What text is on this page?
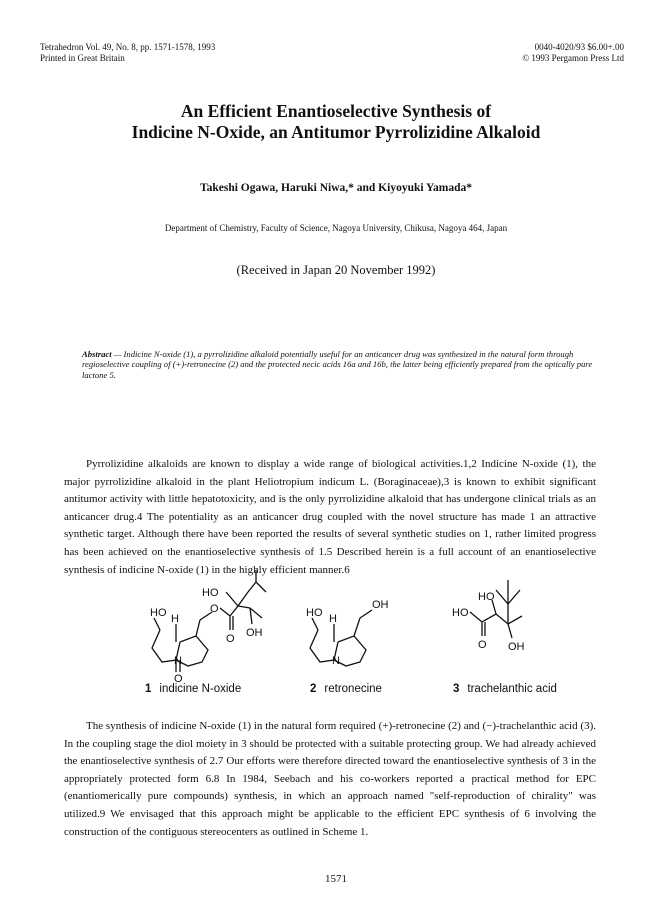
Tetrahedron Vol. 49, No. 8, pp. 1571-1578, 1993
Printed in Great Britain
0040-4020/93 $6.00+.00
© 1993 Pergamon Press Ltd
An Efficient Enantioselective Synthesis of
Indicine N-Oxide, an Antitumor Pyrrolizidine Alkaloid
Takeshi Ogawa, Haruki Niwa,* and Kiyoyuki Yamada*
Department of Chemistry, Faculty of Science, Nagoya University, Chikusa, Nagoya 464, Japan
(Received in Japan 20 November 1992)
Abstract — Indicine N-oxide (1), a pyrrolizidine alkaloid potentially useful for an anticancer drug was synthesized in the natural form through regioselective coupling of (+)-retronecine (2) and the protected necic acids 16a and 16b, the latter being efficiently prepared from the optically pure lactone 5.
Pyrrolizidine alkaloids are known to display a wide range of biological activities.1,2 Indicine N-oxide (1), the major pyrrolizidine alkaloid in the plant Heliotropium indicum L. (Boraginaceae),3 is known to exhibit significant antitumor activity with little hepatotoxicity, and is the only pyrrolizidine alkaloid that has undergone clinical trials as an anticancer drug.4 The potentiality as an anticancer drug coupled with the novel structure has made 1 an attractive synthetic target. Although there have been reported the results of several synthetic studies on 1, rather limited progress has been achieved on the enantioselective synthesis of 1.5 Described herein is a full account of an enantioselective synthesis of indicine N-oxide (1) in the highly efficient manner.6
HO H
O
O
HO
OH
N
O
HO H
OH
N
HO
HO
O OH
1 indicine N-oxide	2 retronecine	3 trachelanthic acid
The synthesis of indicine N-oxide (1) in the natural form required (+)-retronecine (2) and (−)-trachelanthic acid (3). In the coupling stage the diol moiety in 3 should be protected with a suitable protecting group. We had already achieved the enantioselective synthesis of 2.7 Our efforts were therefore directed toward the enantioselective synthesis of 3 in the appropriately protected form 6.8 In 1984, Seebach and his co-workers reported a practical method for EPC (enantiomerically pure compounds) synthesis, in which an approach named "self-reproduction of chirality" was utilized.9 We envisaged that this approach might be applicable to the efficient EPC synthesis of 6 involving the construction of the contiguous stereocenters as outlined in Scheme 1.
1571
